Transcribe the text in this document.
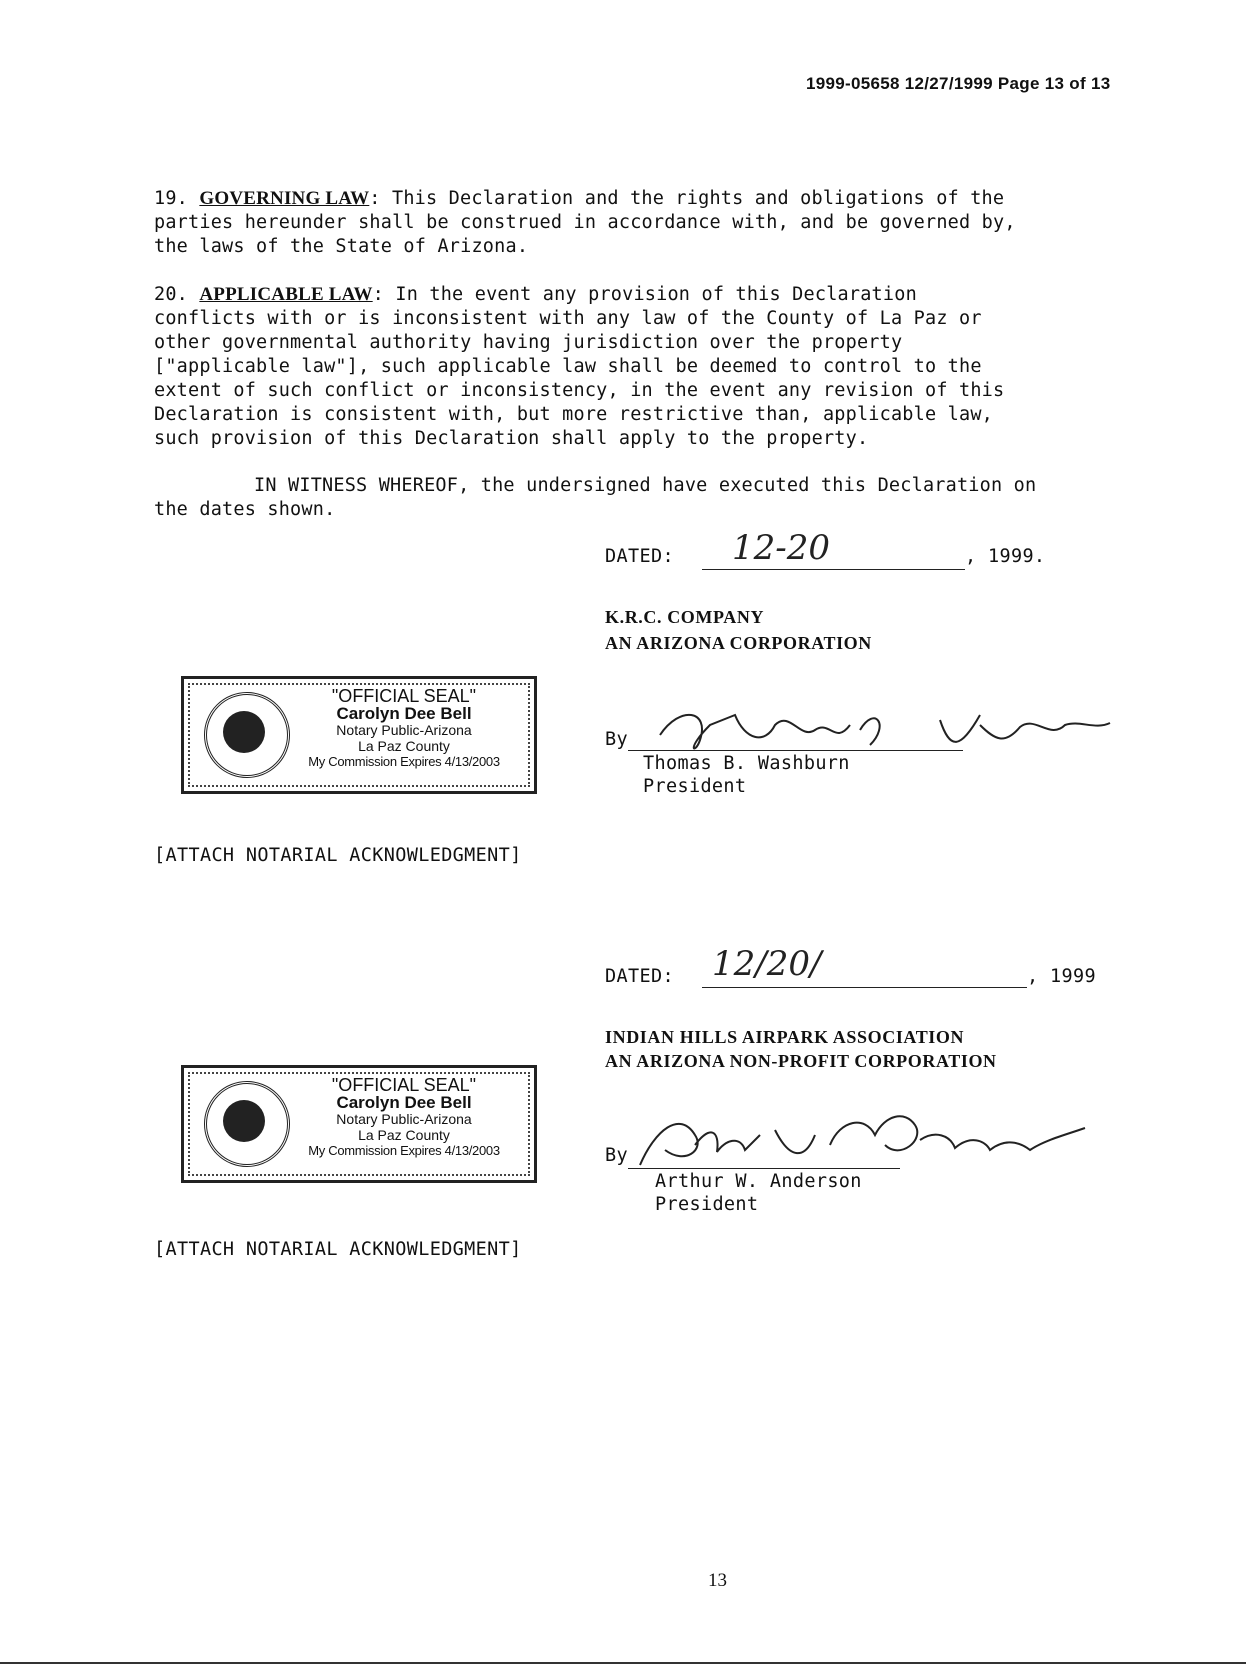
1999-05658 12/27/1999 Page 13 of 13

19. GOVERNING LAW: This Declaration and the rights and obligations of the

parties hereunder shall be construed in accordance with, and be governed by,

the laws of the State of Arizona.

20. APPLICABLE LAW: In the event any provision of this Declaration

conflicts with or is inconsistent with any law of the County of La Paz or

other governmental authority having jurisdiction over the property

["applicable law"], such applicable law shall be deemed to control to the

extent of such conflict or inconsistency, in the event any revision of this

Declaration is consistent with, but more restrictive than, applicable law,

such provision of this Declaration shall apply to the property.

IN WITNESS WHEREOF, the undersigned have executed this Declaration on

the dates shown.

DATED: 12-20	, 1999.
K.R.C. COMPANY
AN ARIZONA CORPORATION
By
Thomas B. Washburn
President
"OFFICIAL SEAL"
Carolyn Dee Bell
Notary Public-Arizona
La Paz County
My Commission Expires 4/13/2003
[ATTACH NOTARIAL ACKNOWLEDGMENT]
DATED: 12/20/	, 1999
INDIAN HILLS AIRPARK ASSOCIATION
AN ARIZONA NON-PROFIT CORPORATION
By
Arthur W. Anderson
President
"OFFICIAL SEAL"
Carolyn Dee Bell
Notary Public-Arizona
La Paz County
My Commission Expires 4/13/2003
[ATTACH NOTARIAL ACKNOWLEDGMENT]
13
